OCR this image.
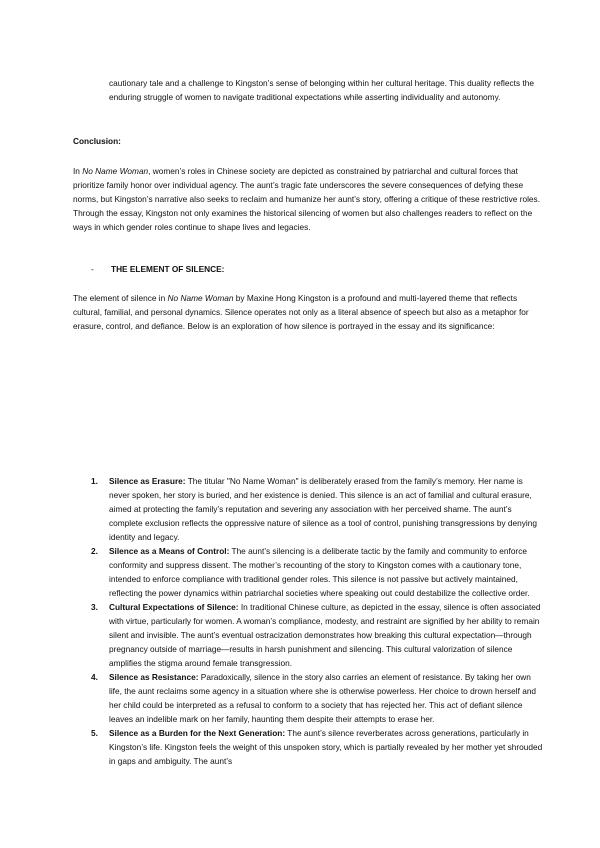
cautionary tale and a challenge to Kingston’s sense of belonging within her cultural heritage. This duality reflects the enduring struggle of women to navigate traditional expectations while asserting individuality and autonomy.

Conclusion:

In No Name Woman, women’s roles in Chinese society are depicted as constrained by patriarchal and cultural forces that prioritize family honor over individual agency. The aunt’s tragic fate underscores the severe consequences of defying these norms, but Kingston’s narrative also seeks to reclaim and humanize her aunt’s story, offering a critique of these restrictive roles. Through the essay, Kingston not only examines the historical silencing of women but also challenges readers to reflect on the ways in which gender roles continue to shape lives and legacies.

-	THE ELEMENT OF SILENCE:

The element of silence in No Name Woman by Maxine Hong Kingston is a profound and multi-layered theme that reflects cultural, familial, and personal dynamics. Silence operates not only as a literal absence of speech but also as a metaphor for erasure, control, and defiance. Below is an exploration of how silence is portrayed in the essay and its significance:

1.	Silence as Erasure: The titular "No Name Woman" is deliberately erased from the family’s memory. Her name is never spoken, her story is buried, and her existence is denied. This silence is an act of familial and cultural erasure, aimed at protecting the family’s reputation and severing any association with her perceived shame. The aunt’s complete exclusion reflects the oppressive nature of silence as a tool of control, punishing transgressions by denying identity and legacy.
2.	Silence as a Means of Control: The aunt’s silencing is a deliberate tactic by the family and community to enforce conformity and suppress dissent. The mother’s recounting of the story to Kingston comes with a cautionary tone, intended to enforce compliance with traditional gender roles. This silence is not passive but actively maintained, reflecting the power dynamics within patriarchal societies where speaking out could destabilize the collective order.
3.	Cultural Expectations of Silence: In traditional Chinese culture, as depicted in the essay, silence is often associated with virtue, particularly for women. A woman’s compliance, modesty, and restraint are signified by her ability to remain silent and invisible. The aunt’s eventual ostracization demonstrates how breaking this cultural expectation—through pregnancy outside of marriage—results in harsh punishment and silencing. This cultural valorization of silence amplifies the stigma around female transgression.
4.	Silence as Resistance: Paradoxically, silence in the story also carries an element of resistance. By taking her own life, the aunt reclaims some agency in a situation where she is otherwise powerless. Her choice to drown herself and her child could be interpreted as a refusal to conform to a society that has rejected her. This act of defiant silence leaves an indelible mark on her family, haunting them despite their attempts to erase her.
5.	Silence as a Burden for the Next Generation: The aunt’s silence reverberates across generations, particularly in Kingston’s life. Kingston feels the weight of this unspoken story, which is partially revealed by her mother yet shrouded in gaps and ambiguity. The aunt’s
